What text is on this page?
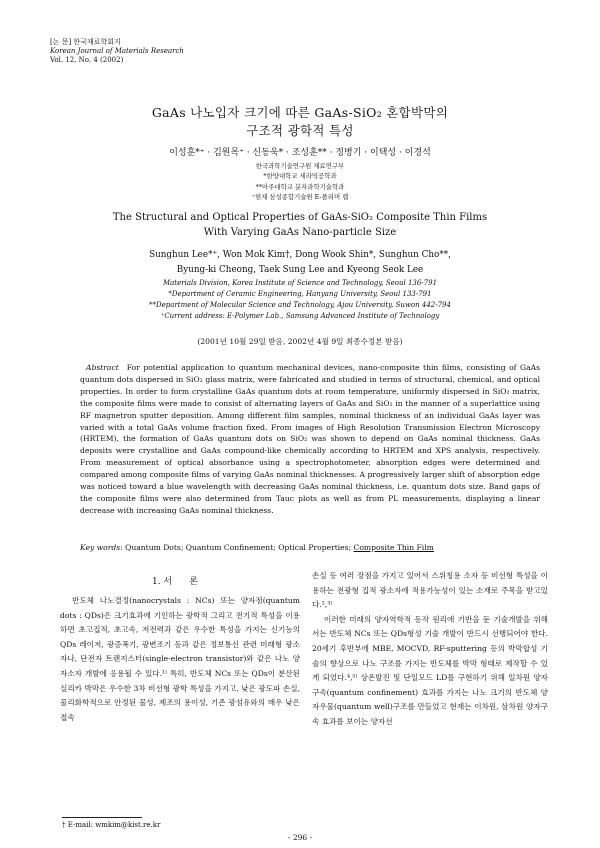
[논 문] 한국재료학회지
Korean Journal of Materials Research
Vol. 12, No. 4 (2002)
GaAs 나노입자 크기에 따른 GaAs-SiO₂ 혼합박막의
구조적 광학적 특성
이성훈*⁺ · 김원목⁺ · 신동욱* · 조성훈** · 정병기 · 이택성 · 이경석
한국과학기술연구원 재료연구부
*한양대학교 세라믹공학과
**아주대학교 분자과학기술학과
⁺현재 삼성종합기술원 E-폴리머 랩
The Structural and Optical Properties of GaAs-SiO₂ Composite Thin Films
With Varying GaAs Nano-particle Size
Sunghun Lee*⁺, Won Mok Kim†, Dong Wook Shin*, Sunghun Cho**,
Byung-ki Cheong, Taek Sung Lee and Kyeong Seok Lee
Materials Division, Korea Institute of Science and Technology, Seoul 136-791
*Department of Ceramic Engineering, Hanyang University, Seoul 133-791
**Department of Molecular Science and Technology, Ajou University, Suwon 442-794
⁺Current address: E-Polymer Lab., Samsung Advanced Institute of Technology
(2001년 10월 29일 받음, 2002년 4월 9일 최종수정본 받음)
Abstract For potential application to quantum mechanical devices, nano-composite thin films, consisting of GaAs quantum dots dispersed in SiO₂ glass matrix, were fabricated and studied in terms of structural, chemical, and optical properties. In order to form crystalline GaAs quantum dots at room temperature, uniformly dispersed in SiO₂ matrix, the composite films were made to consist of alternating layers of GaAs and SiO₂ in the manner of a superlattice using RF magnetron sputter deposition. Among different film samples, nominal thickness of an individual GaAs layer was varied with a total GaAs volume fraction fixed. From images of High Resolution Transmission Electron Microscopy (HRTEM), the formation of GaAs quantum dots on SiO₂ was shown to depend on GaAs nominal thickness. GaAs deposits were crystalline and GaAs compound-like chemically according to HRTEM and XPS analysis, respectively. From measurement of optical absorbance using a spectrophotometer, absorption edges were determined and compared among composite films of varying GaAs nominal thicknesses. A progressively larger shift of absorption edge was noticed toward a blue wavelength with decreasing GaAs nominal thickness, i.e. quantum dots size. Band gaps of the composite films were also determined from Tauc plots as well as from PL measurements, displaying a linear decrease with increasing GaAs nominal thickness.
Key words: Quantum Dots; Quantum Confinement; Optical Properties; Composite Thin Film
1. 서      론

반도체 나노결정(nanocrystals : NCs) 또는 양자점(quantum dots : QDs)은 크기효과에 기인하는 광학적 그리고 전기적 특성을 이용하면 초고집적, 초고속, 저전력과 같은 우수한 특성을 가지는 신기능의 QDs 레이저, 광증폭기, 광변조기 등과 같은 정보통신 관련 미래형 광소자나, 단전자 트랜지스터(single-electron transistor)와 같은 나노 양자소자 개발에 응용될 수 있다.¹⁾ 특히, 반도체 NCs 또는 QDs이 분산된 실리카 박막은 우수한 3차 비선형 광학 특성을 가지고, 낮은 광도파 손실, 물리화학적으로 안정된 물성, 제조의 용이성, 기존 광섬유와의 매우 낮은 접속

손실 등 여러 장점을 가지고 있어서 스위칭용 소자 등 비선형 특성을 이용하는 전광형 집적 광소자에 적용가능성이 있는 소재로 주목을 받고있다.²,³⁾

이러한 미래의 양자역학적 동작 원리에 기반을 둔 기술개발을 위해서는 반도체 NCs 또는 QDs형성 기술 개발이 반드시 선행되어야 한다. 20세기 후반부에 MBE, MOCVD, RF-sputtering 등의 박막합성 기술의 향상으로 나노 구조를 가지는 반도체를 박막 형태로 제작할 수 있게 되었다.⁴,⁵⁾ 상온발진 및 단일모드 LD를 구현하기 위해 일차원 양자구속(quantum confinement) 효과를 가지는 나노 크기의 반도체 양자우물(quantum well)구조를 만들었고 현재는 이차원, 삼차원 양자구속 효과를 보이는 양자선

† E-mail: wmkim@kist.re.kr
- 296 -
